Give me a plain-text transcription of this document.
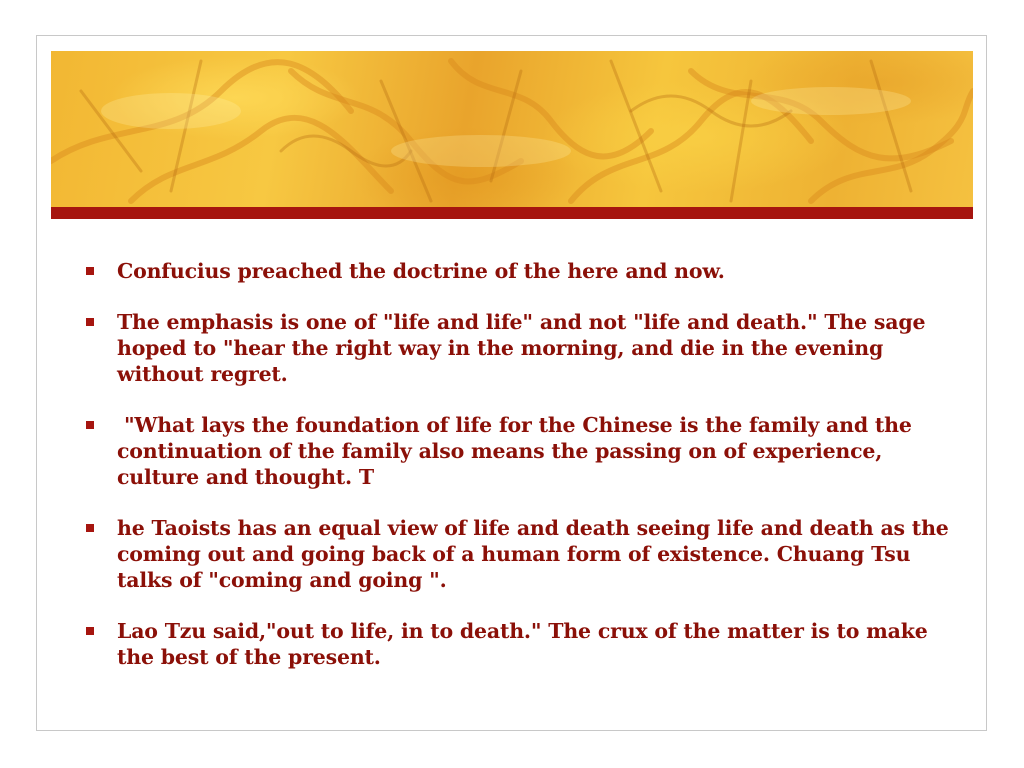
Confucius preached the doctrine of the here and now.
The emphasis is one of "life and life" and not "life and death." The sage hoped to "hear the right way in the morning, and die in the evening without regret.
"What lays the foundation of life for the Chinese is the family and the continuation of the family also means the passing on of experience, culture and thought. T
he Taoists has an equal view of life and death seeing life and death as the coming out and going back of a human form of existence. Chuang Tsu talks of "coming and going ".
Lao Tzu said,"out to life, in to death." The crux of the matter is to make the best of the present.
